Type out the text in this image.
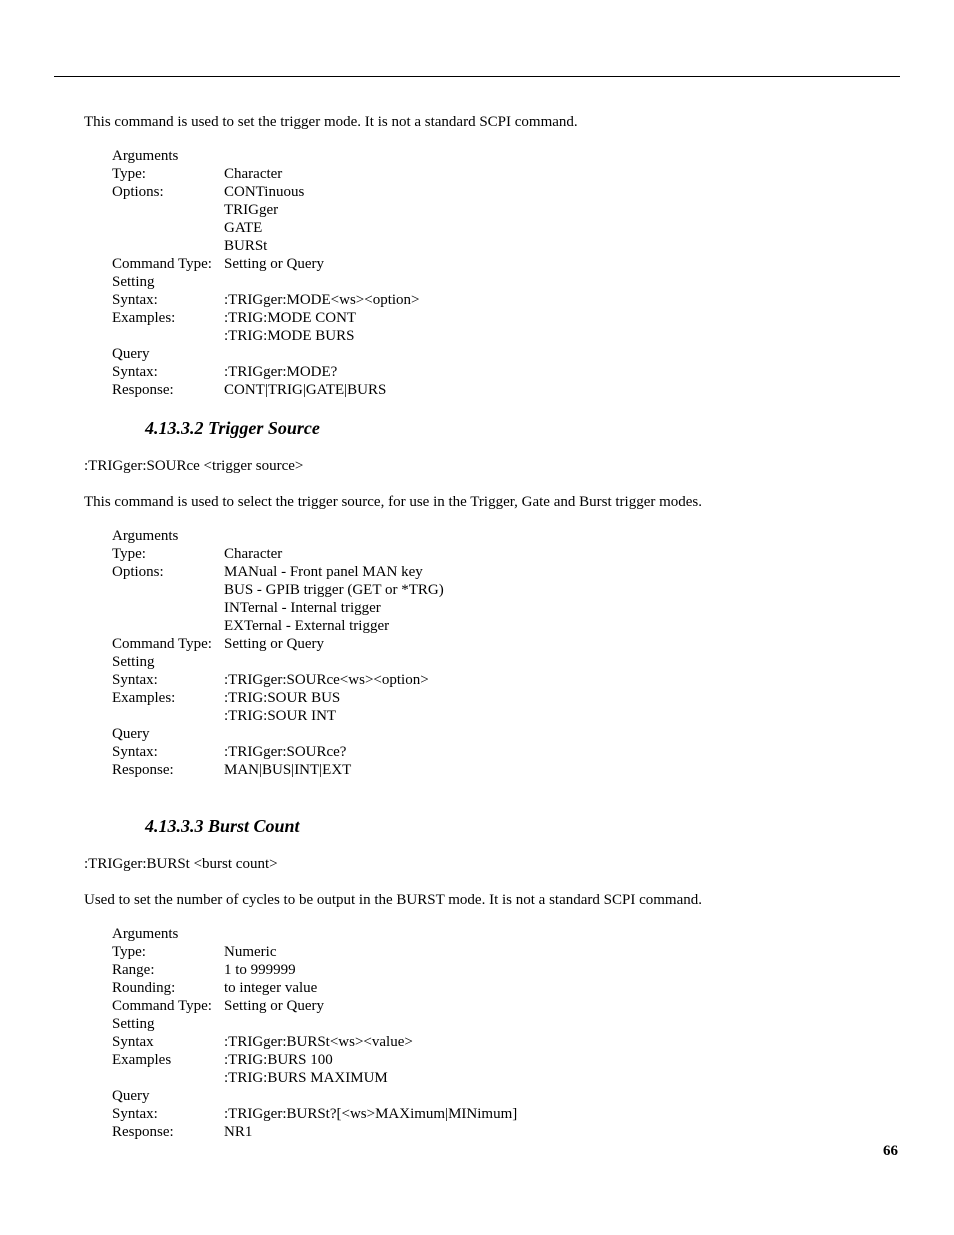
This command is used to set the trigger mode. It is not a standard SCPI command.
Arguments
Type:	Character
Options:	CONTinuous
TRIGger
GATE
BURSt
Command Type: Setting or Query
Setting
Syntax:	:TRIGger:MODE<ws><option>
Examples:	:TRIG:MODE CONT
:TRIG:MODE BURS
Query
Syntax:	:TRIGger:MODE?
Response:	CONT|TRIG|GATE|BURS
4.13.3.2 Trigger Source
:TRIGger:SOURce <trigger source>
This command is used to select the trigger source, for use in the Trigger, Gate and Burst trigger modes.
Arguments
Type:	Character
Options:	MANual - Front panel MAN key
BUS - GPIB trigger (GET or *TRG)
INTernal - Internal trigger
EXTernal - External trigger
Command Type: Setting or Query
Setting
Syntax:	:TRIGger:SOURce<ws><option>
Examples:	:TRIG:SOUR BUS
:TRIG:SOUR INT
Query
Syntax:	:TRIGger:SOURce?
Response:	MAN|BUS|INT|EXT
4.13.3.3 Burst Count
:TRIGger:BURSt <burst count>
Used to set the number of cycles to be output in the BURST mode. It is not a standard SCPI command.
Arguments
Type:	Numeric
Range:	1 to 999999
Rounding:	to integer value
Command Type: Setting or Query
Setting
Syntax	:TRIGger:BURSt<ws><value>
Examples	:TRIG:BURS 100
:TRIG:BURS MAXIMUM
Query
Syntax:	:TRIGger:BURSt?[<ws>MAXimum|MINimum]
Response:	NR1
66
